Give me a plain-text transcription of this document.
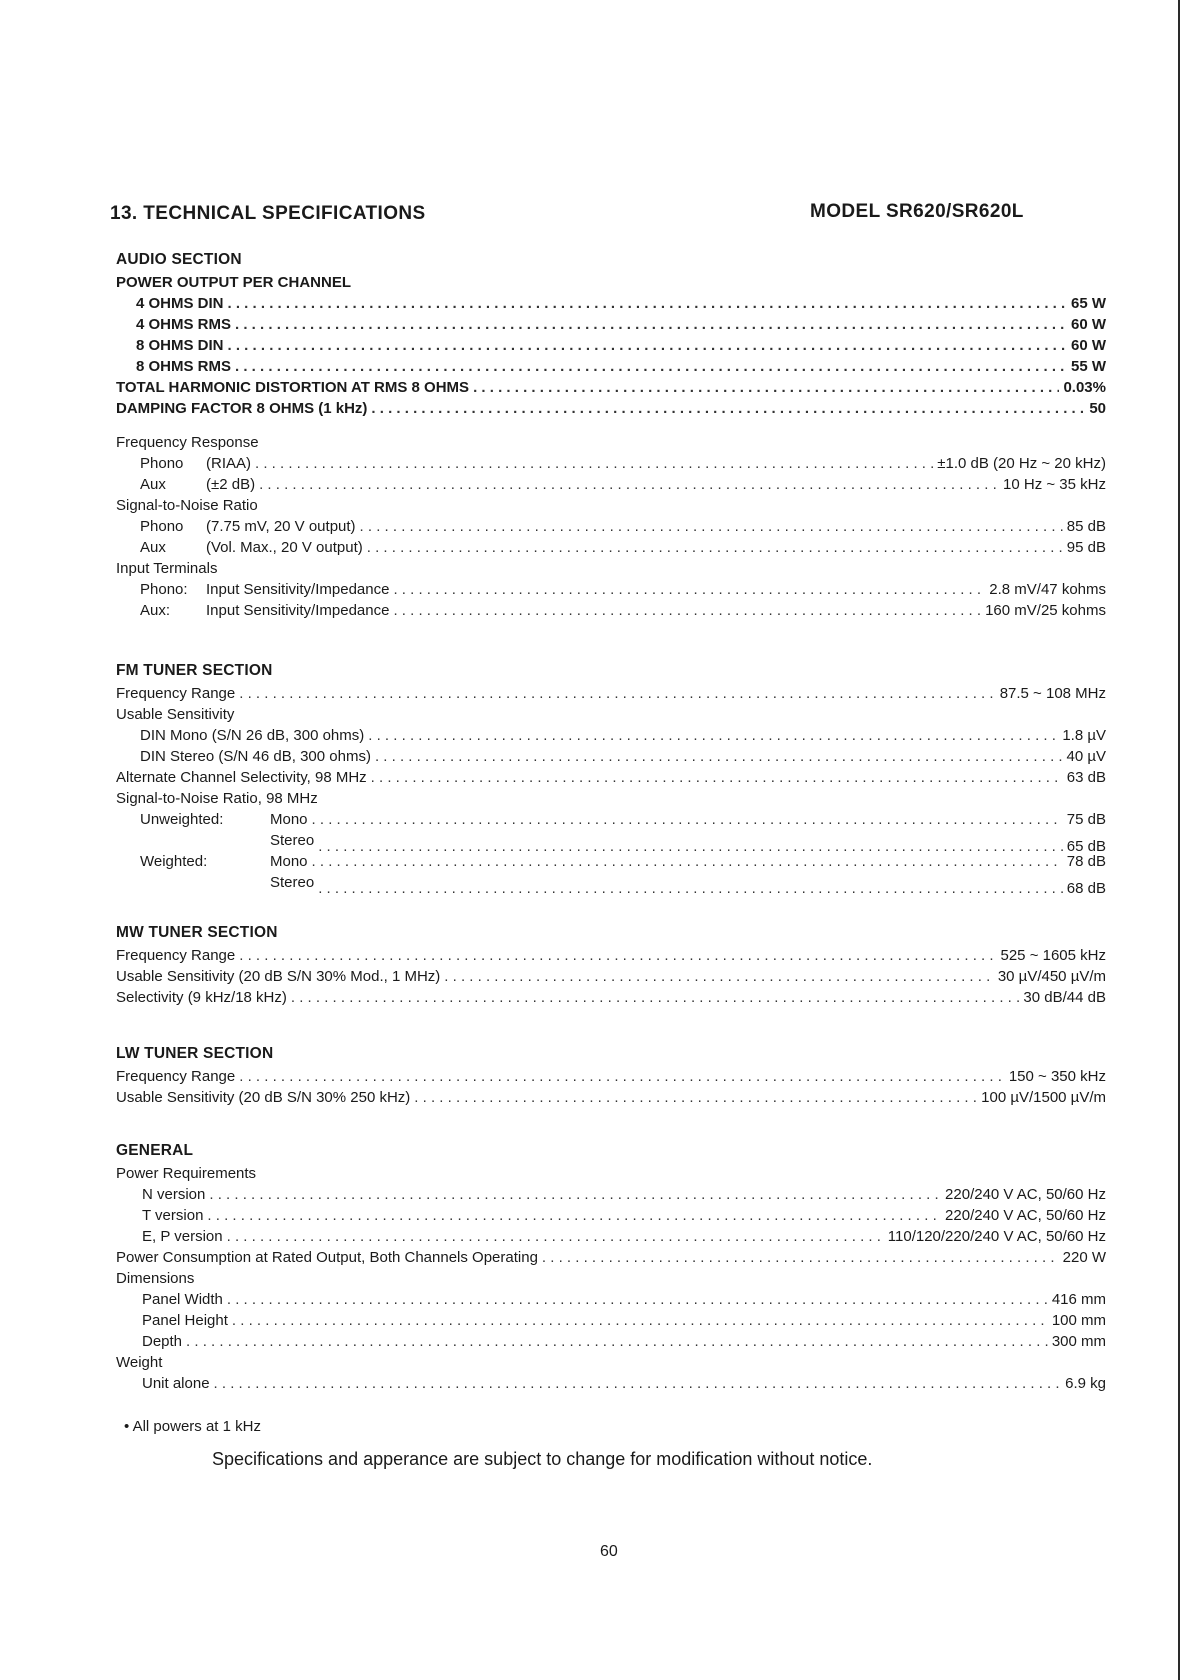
13. TECHNICAL SPECIFICATIONS	MODEL SR620/SR620L
AUDIO SECTION
POWER OUTPUT PER CHANNEL
4 OHMS DIN . . .	65 W
4 OHMS RMS . . .	60 W
8 OHMS DIN . . .	60 W
8 OHMS RMS . . .	55 W
TOTAL HARMONIC DISTORTION AT RMS 8 OHMS . . .	0.03%
DAMPING FACTOR 8 OHMS (1 kHz) . . .	50
Frequency Response
Phono	(RIAA) . . .	±1.0 dB (20 Hz ~ 20 kHz)
Aux	(±2 dB) . . .	10 Hz ~ 35 kHz
Signal-to-Noise Ratio
Phono	(7.75 mV, 20 V output) . . .	85 dB
Aux	(Vol. Max., 20 V output) . . .	95 dB
Input Terminals
Phono:	Input Sensitivity/Impedance . . .	2.8 mV/47 kohms
Aux:	Input Sensitivity/Impedance . . .	160 mV/25 kohms
FM TUNER SECTION
Frequency Range . . .	87.5 ~ 108 MHz
Usable Sensitivity
DIN Mono (S/N 26 dB, 300 ohms) . . .	1.8 µV
DIN Stereo (S/N 46 dB, 300 ohms) . . .	40 µV
Alternate Channel Selectivity, 98 MHz . . .	63 dB
Signal-to-Noise Ratio, 98 MHz
Unweighted:	Mono . . .	75 dB
Stereo . . .	65 dB
Weighted:	Mono . . .	78 dB
Stereo . . .	68 dB
MW TUNER SECTION
Frequency Range . . .	525 ~ 1605 kHz
Usable Sensitivity (20 dB S/N 30% Mod., 1 MHz) . . .	30 µV/450 µV/m
Selectivity (9 kHz/18 kHz) . . .	30 dB/44 dB
LW TUNER SECTION
Frequency Range . . .	150 ~ 350 kHz
Usable Sensitivity (20 dB S/N 30% 250 kHz) . . .	100 µV/1500 µV/m
GENERAL
Power Requirements
N version . . .	220/240 V AC, 50/60 Hz
T version . . .	220/240 V AC, 50/60 Hz
E, P version . . .	110/120/220/240 V AC, 50/60 Hz
Power Consumption at Rated Output, Both Channels Operating . . .	220 W
Dimensions
Panel Width . . .	416 mm
Panel Height . . .	100 mm
Depth . . .	300 mm
Weight
Unit alone . . .	6.9 kg
• All powers at 1 kHz
Specifications and apperance are subject to change for modification without notice.
60
